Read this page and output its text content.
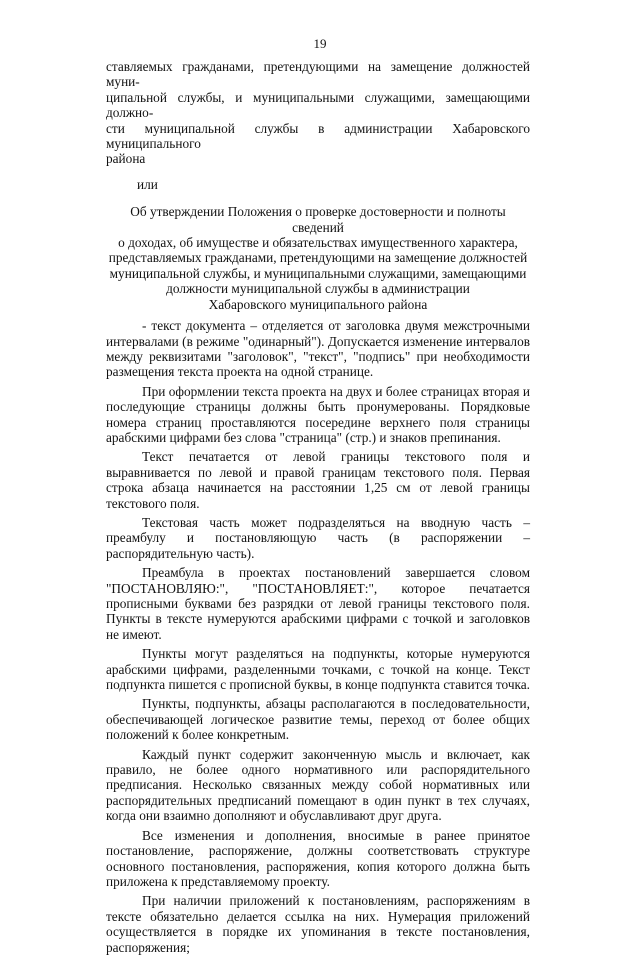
19

ставляемых гражданами, претендующими на замещение должностей муни-
ципальной службы, и муниципальными служащими, замещающими должно-
сти муниципальной службы в администрации Хабаровского муниципального
района

или

Об утверждении Положения о проверке достоверности и полноты сведений
о доходах, об имуществе и обязательствах имущественного характера,
представляемых гражданами, претендующими на замещение должностей
муниципальной службы, и муниципальными служащими, замещающими
должности муниципальной службы в администрации
Хабаровского муниципального района

- текст документа – отделяется от заголовка двумя межстрочными интервалами (в режиме "одинарный"). Допускается изменение интервалов между реквизитами "заголовок", "текст", "подпись" при необходимости размещения текста проекта на одной странице.

При оформлении текста проекта на двух и более страницах вторая и последующие страницы должны быть пронумерованы. Порядковые номера страниц проставляются посередине верхнего поля страницы арабскими цифрами без слова "страница" (стр.) и знаков препинания.

Текст печатается от левой границы текстового поля и выравнивается по левой и правой границам текстового поля. Первая строка абзаца начинается на расстоянии 1,25 см от левой границы текстового поля.

Текстовая часть может подразделяться на вводную часть – преамбулу и постановляющую часть (в распоряжении – распорядительную часть).

Преамбула в проектах постановлений завершается словом "ПОСТАНОВЛЯЮ:", "ПОСТАНОВЛЯЕТ:", которое печатается прописными буквами без разрядки от левой границы текстового поля. Пункты в тексте нумеруются арабскими цифрами с точкой и заголовков не имеют.

Пункты могут разделяться на подпункты, которые нумеруются арабскими цифрами, разделенными точками, с точкой на конце. Текст подпункта пишется с прописной буквы, в конце подпункта ставится точка.

Пункты, подпункты, абзацы располагаются в последовательности, обеспечивающей логическое развитие темы, переход от более общих положений к более конкретным.

Каждый пункт содержит законченную мысль и включает, как правило, не более одного нормативного или распорядительного предписания. Несколько связанных между собой нормативных или распорядительных предписаний помещают в один пункт в тех случаях, когда они взаимно дополняют и обуславливают друг друга.

Все изменения и дополнения, вносимые в ранее принятое постановление, распоряжение, должны соответствовать структуре основного постановления, распоряжения, копия которого должна быть приложена к представляемому проекту.

При наличии приложений к постановлениям, распоряжениям в тексте обязательно делается ссылка на них. Нумерация приложений осуществляется в порядке их упоминания в тексте постановления, распоряжения;
